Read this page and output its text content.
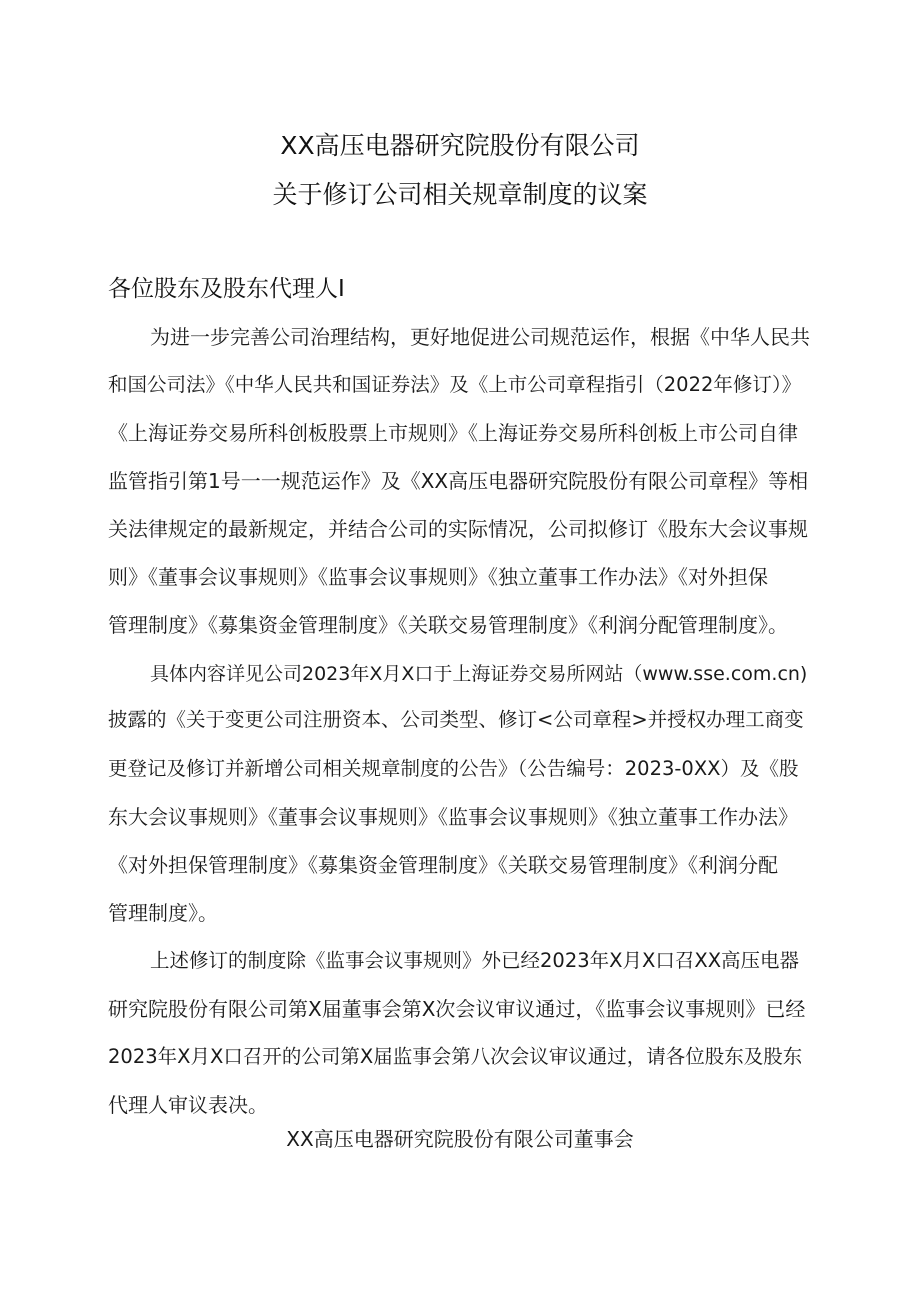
XX高压电器研究院股份有限公司
关于修订公司相关规章制度的议案
各位股东及股东代理人I
为进一步完善公司治理结构，更好地促进公司规范运作，根据《中华人民共
和国公司法》《中华人民共和国证券法》及《上市公司章程指引（2022年修订）》
《上海证券交易所科创板股票上市规则》《上海证券交易所科创板上市公司自律
监管指引第1号一一规范运作》及《XX高压电器研究院股份有限公司章程》等相
关法律规定的最新规定，并结合公司的实际情况，公司拟修订《股东大会议事规
则》《董事会议事规则》《监事会议事规则》《独立董事工作办法》《对外担保
管理制度》《募集资金管理制度》《关联交易管理制度》《利润分配管理制度》。
具体内容详见公司2023年X月X口于上海证券交易所网站（www.sse.com.cn)
披露的《关于变更公司注册资本、公司类型、修订<公司章程>并授权办理工商变
更登记及修订并新增公司相关规章制度的公告》（公告编号：2023-0XX）及《股
东大会议事规则》《董事会议事规则》《监事会议事规则》《独立董事工作办法》
《对外担保管理制度》《募集资金管理制度》《关联交易管理制度》《利润分配
管理制度》。
上述修订的制度除《监事会议事规则》外已经2023年X月X口召XX高压电器
研究院股份有限公司第X届董事会第X次会议审议通过，《监事会议事规则》已经
2023年X月X口召开的公司第X届监事会第八次会议审议通过，请各位股东及股东
代理人审议表决。
XX高压电器研究院股份有限公司董事会
